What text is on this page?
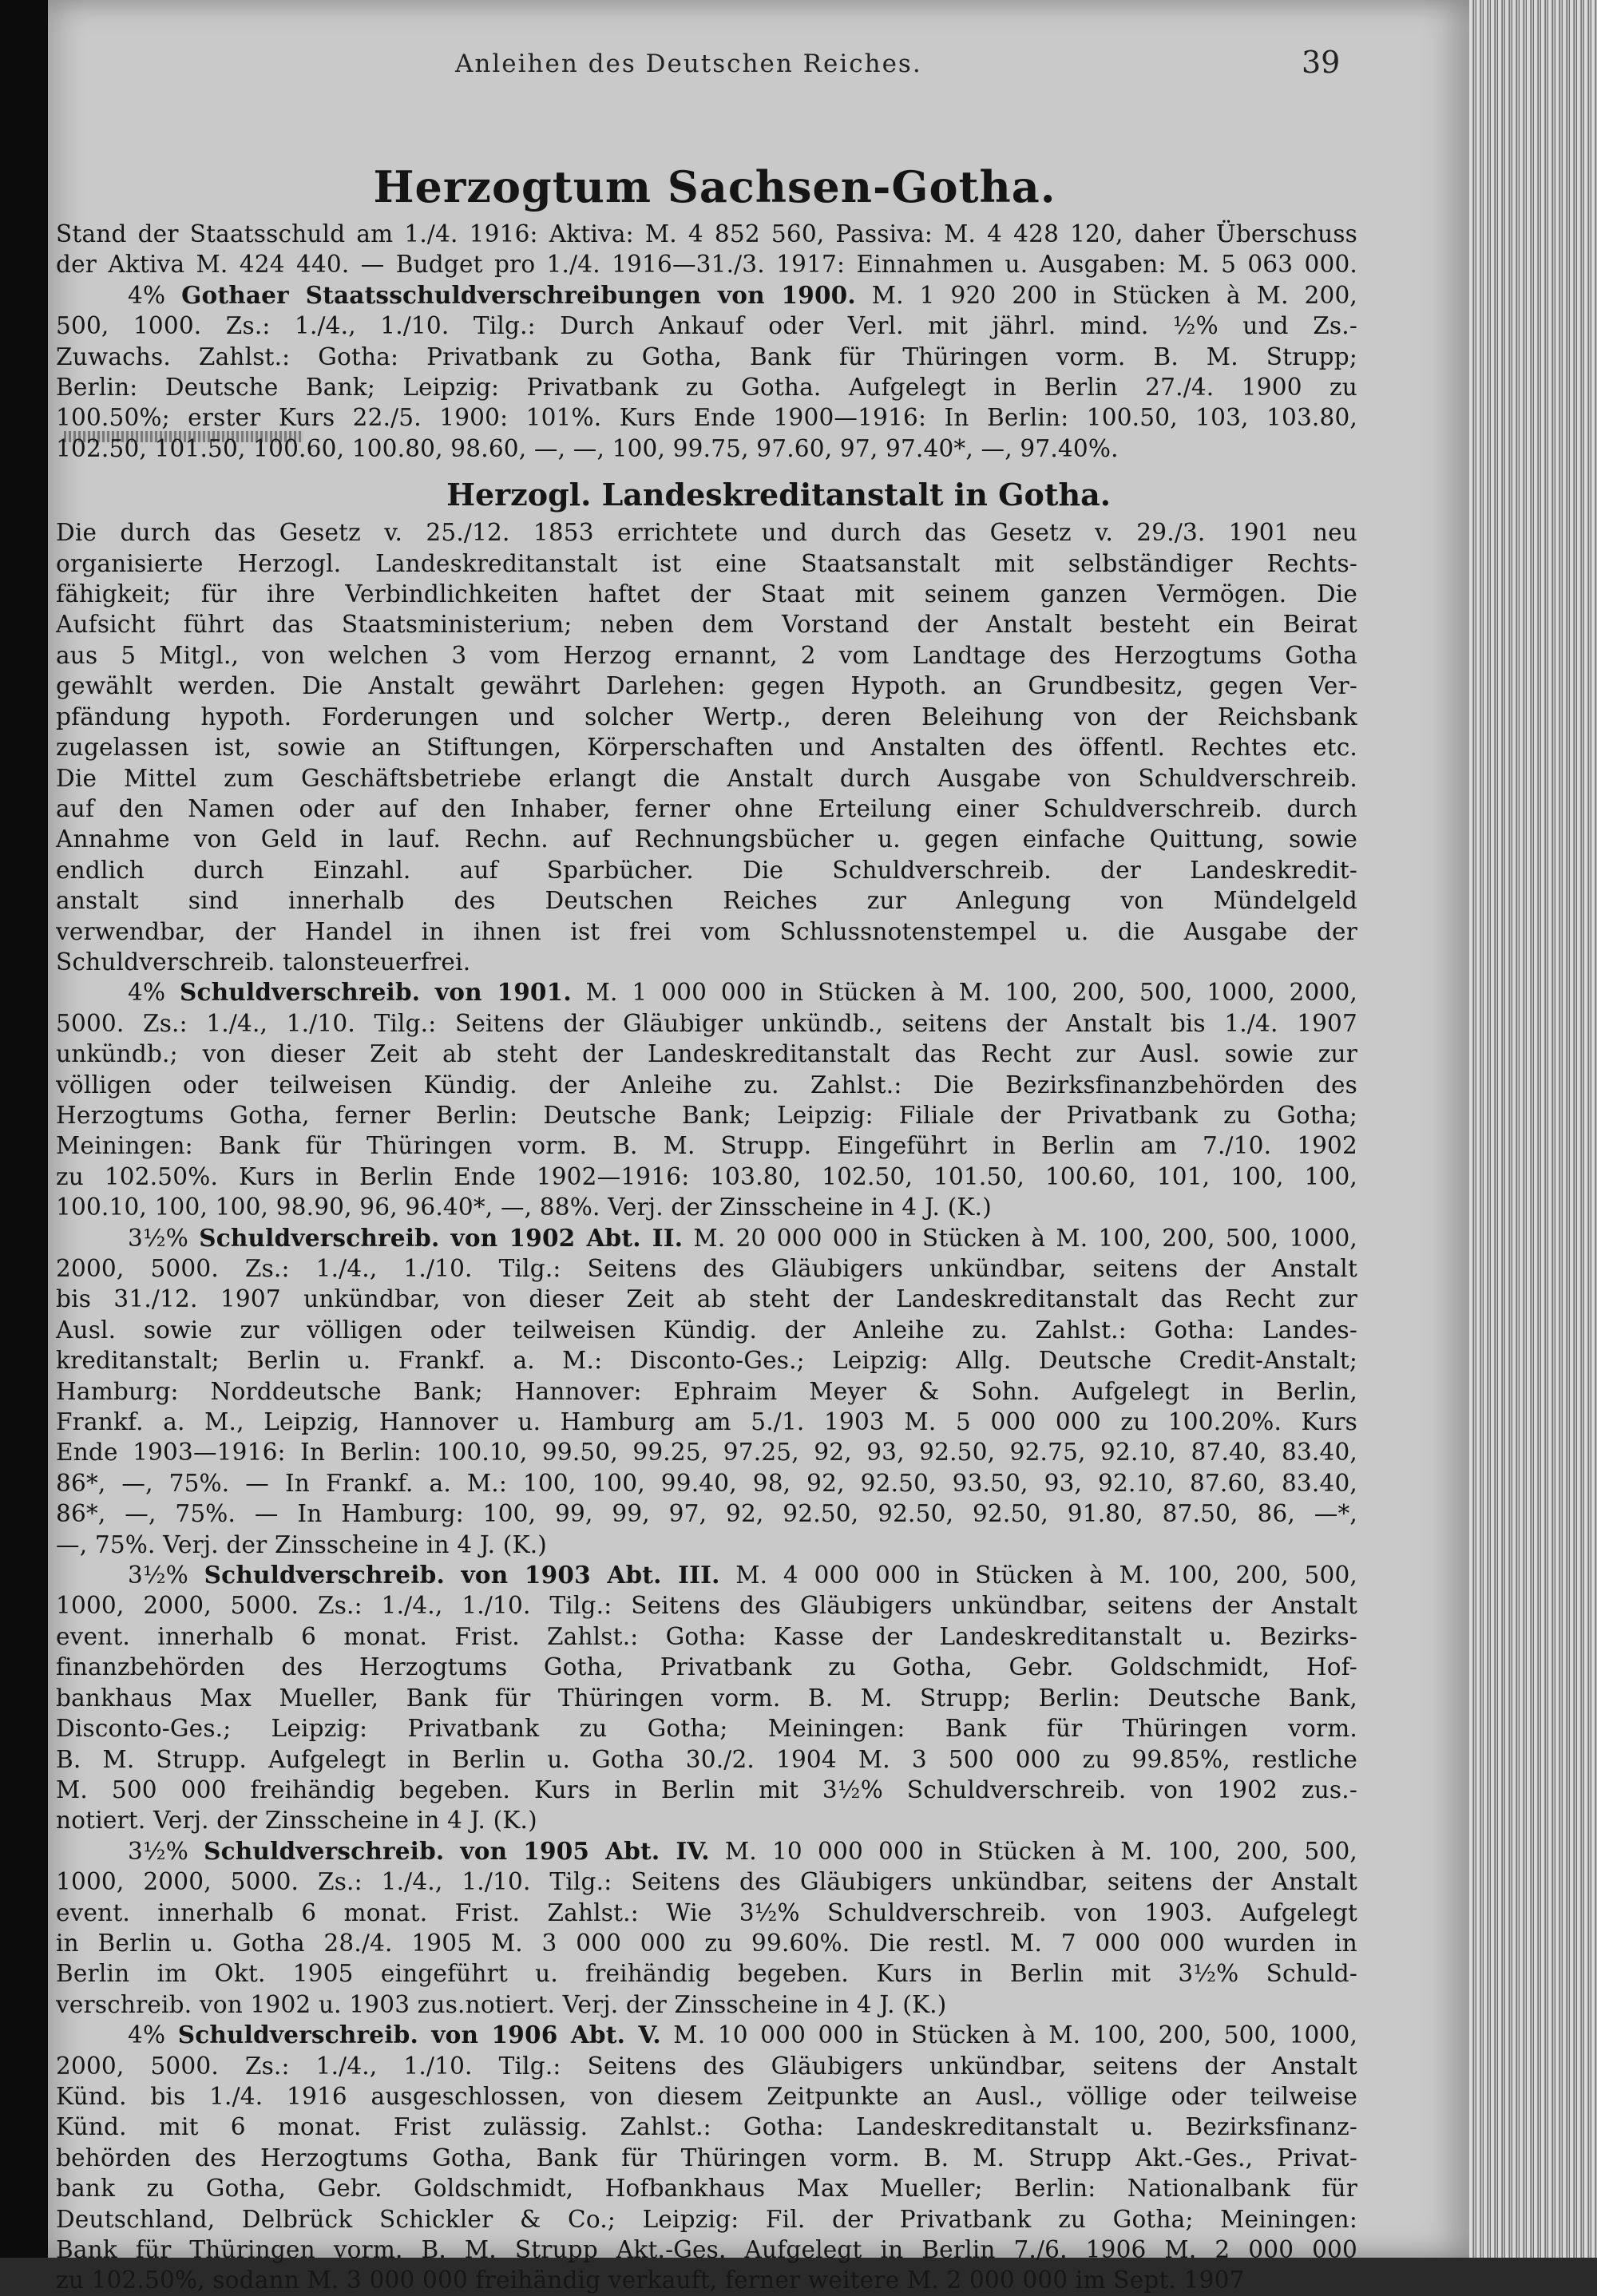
Anleihen des Deutschen Reiches.	39
Herzogtum Sachsen-Gotha.
Stand der Staatsschuld am 1./4. 1916: Aktiva: M. 4 852 560, Passiva: M. 4 428 120, daher Überschuss
der Aktiva M. 424 440. — Budget pro 1./4. 1916—31./3. 1917: Einnahmen u. Ausgaben: M. 5 063 000.
4% Gothaer Staatsschuldverschreibungen von 1900. M. 1 920 200 in Stücken à M. 200,
500, 1000. Zs.: 1./4., 1./10. Tilg.: Durch Ankauf oder Verl. mit jährl. mind. ½% und Zs.-
Zuwachs. Zahlst.: Gotha: Privatbank zu Gotha, Bank für Thüringen vorm. B. M. Strupp;
Berlin: Deutsche Bank; Leipzig: Privatbank zu Gotha. Aufgelegt in Berlin 27./4. 1900 zu
100.50%; erster Kurs 22./5. 1900: 101%. Kurs Ende 1900—1916: In Berlin: 100.50, 103, 103.80,
102.50, 101.50, 100.60, 100.80, 98.60, —, —, 100, 99.75, 97.60, 97, 97.40*, —, 97.40%.
Herzogl. Landeskreditanstalt in Gotha.
Die durch das Gesetz v. 25./12. 1853 errichtete und durch das Gesetz v. 29./3. 1901 neu
organisierte Herzogl. Landeskreditanstalt ist eine Staatsanstalt mit selbständiger Rechts-
fähigkeit; für ihre Verbindlichkeiten haftet der Staat mit seinem ganzen Vermögen. Die
Aufsicht führt das Staatsministerium; neben dem Vorstand der Anstalt besteht ein Beirat
aus 5 Mitgl., von welchen 3 vom Herzog ernannt, 2 vom Landtage des Herzogtums Gotha
gewählt werden. Die Anstalt gewährt Darlehen: gegen Hypoth. an Grundbesitz, gegen Ver-
pfändung hypoth. Forderungen und solcher Wertp., deren Beleihung von der Reichsbank
zugelassen ist, sowie an Stiftungen, Körperschaften und Anstalten des öffentl. Rechtes etc.
Die Mittel zum Geschäftsbetriebe erlangt die Anstalt durch Ausgabe von Schuldverschreib.
auf den Namen oder auf den Inhaber, ferner ohne Erteilung einer Schuldverschreib. durch
Annahme von Geld in lauf. Rechn. auf Rechnungsbücher u. gegen einfache Quittung, sowie
endlich durch Einzahl. auf Sparbücher. Die Schuldverschreib. der Landeskredit-
anstalt sind innerhalb des Deutschen Reiches zur Anlegung von Mündelgeld
verwendbar, der Handel in ihnen ist frei vom Schlussnotenstempel u. die Ausgabe der
Schuldverschreib. talonsteuerfrei.
4% Schuldverschreib. von 1901. M. 1 000 000 in Stücken à M. 100, 200, 500, 1000, 2000,
5000. Zs.: 1./4., 1./10. Tilg.: Seitens der Gläubiger unkündb., seitens der Anstalt bis 1./4. 1907
unkündb.; von dieser Zeit ab steht der Landeskreditanstalt das Recht zur Ausl. sowie zur
völligen oder teilweisen Kündig. der Anleihe zu. Zahlst.: Die Bezirksfinanzbehörden des
Herzogtums Gotha, ferner Berlin: Deutsche Bank; Leipzig: Filiale der Privatbank zu Gotha;
Meiningen: Bank für Thüringen vorm. B. M. Strupp. Eingeführt in Berlin am 7./10. 1902
zu 102.50%. Kurs in Berlin Ende 1902—1916: 103.80, 102.50, 101.50, 100.60, 101, 100, 100,
100.10, 100, 100, 98.90, 96, 96.40*, —, 88%. Verj. der Zinsscheine in 4 J. (K.)
3½% Schuldverschreib. von 1902 Abt. II. M. 20 000 000 in Stücken à M. 100, 200, 500, 1000,
2000, 5000. Zs.: 1./4., 1./10. Tilg.: Seitens des Gläubigers unkündbar, seitens der Anstalt
bis 31./12. 1907 unkündbar, von dieser Zeit ab steht der Landeskreditanstalt das Recht zur
Ausl. sowie zur völligen oder teilweisen Kündig. der Anleihe zu. Zahlst.: Gotha: Landes-
kreditanstalt; Berlin u. Frankf. a. M.: Disconto-Ges.; Leipzig: Allg. Deutsche Credit-Anstalt;
Hamburg: Norddeutsche Bank; Hannover: Ephraim Meyer & Sohn. Aufgelegt in Berlin,
Frankf. a. M., Leipzig, Hannover u. Hamburg am 5./1. 1903 M. 5 000 000 zu 100.20%. Kurs
Ende 1903—1916: In Berlin: 100.10, 99.50, 99.25, 97.25, 92, 93, 92.50, 92.75, 92.10, 87.40, 83.40,
86*, —, 75%. — In Frankf. a. M.: 100, 100, 99.40, 98, 92, 92.50, 93.50, 93, 92.10, 87.60, 83.40,
86*, —, 75%. — In Hamburg: 100, 99, 99, 97, 92, 92.50, 92.50, 92.50, 91.80, 87.50, 86, —*,
—, 75%. Verj. der Zinsscheine in 4 J. (K.)
3½% Schuldverschreib. von 1903 Abt. III. M. 4 000 000 in Stücken à M. 100, 200, 500,
1000, 2000, 5000. Zs.: 1./4., 1./10. Tilg.: Seitens des Gläubigers unkündbar, seitens der Anstalt
event. innerhalb 6 monat. Frist. Zahlst.: Gotha: Kasse der Landeskreditanstalt u. Bezirks-
finanzbehörden des Herzogtums Gotha, Privatbank zu Gotha, Gebr. Goldschmidt, Hof-
bankhaus Max Mueller, Bank für Thüringen vorm. B. M. Strupp; Berlin: Deutsche Bank,
Disconto-Ges.; Leipzig: Privatbank zu Gotha; Meiningen: Bank für Thüringen vorm.
B. M. Strupp. Aufgelegt in Berlin u. Gotha 30./2. 1904 M. 3 500 000 zu 99.85%, restliche
M. 500 000 freihändig begeben. Kurs in Berlin mit 3½% Schuldverschreib. von 1902 zus.-
notiert. Verj. der Zinsscheine in 4 J. (K.)
3½% Schuldverschreib. von 1905 Abt. IV. M. 10 000 000 in Stücken à M. 100, 200, 500,
1000, 2000, 5000. Zs.: 1./4., 1./10. Tilg.: Seitens des Gläubigers unkündbar, seitens der Anstalt
event. innerhalb 6 monat. Frist. Zahlst.: Wie 3½% Schuldverschreib. von 1903. Aufgelegt
in Berlin u. Gotha 28./4. 1905 M. 3 000 000 zu 99.60%. Die restl. M. 7 000 000 wurden in
Berlin im Okt. 1905 eingeführt u. freihändig begeben. Kurs in Berlin mit 3½% Schuld-
verschreib. von 1902 u. 1903 zus.notiert. Verj. der Zinsscheine in 4 J. (K.)
4% Schuldverschreib. von 1906 Abt. V. M. 10 000 000 in Stücken à M. 100, 200, 500, 1000,
2000, 5000. Zs.: 1./4., 1./10. Tilg.: Seitens des Gläubigers unkündbar, seitens der Anstalt
Künd. bis 1./4. 1916 ausgeschlossen, von diesem Zeitpunkte an Ausl., völlige oder teilweise
Künd. mit 6 monat. Frist zulässig. Zahlst.: Gotha: Landeskreditanstalt u. Bezirksfinanz-
behörden des Herzogtums Gotha, Bank für Thüringen vorm. B. M. Strupp Akt.-Ges., Privat-
bank zu Gotha, Gebr. Goldschmidt, Hofbankhaus Max Mueller; Berlin: Nationalbank für
Deutschland, Delbrück Schickler & Co.; Leipzig: Fil. der Privatbank zu Gotha; Meiningen:
Bank für Thüringen vorm. B. M. Strupp Akt.-Ges. Aufgelegt in Berlin 7./6. 1906 M. 2 000 000
zu 102.50%, sodann M. 3 000 000 freihändig verkauft, ferner weitere M. 2 000 000 im Sept. 1907
